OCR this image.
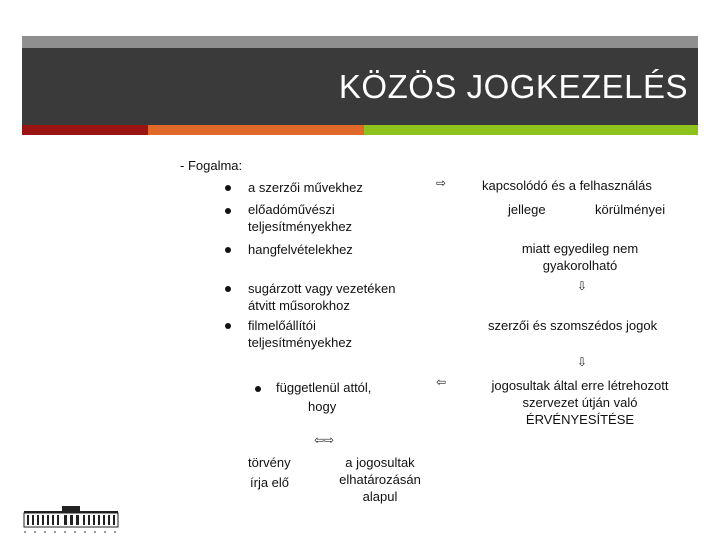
KÖZÖS JOGKEZELÉS
- Fogalma:
a szerzői művekhez
előadóművészi
teljesítményekhez
hangfelvételekhez
sugárzott vagy vezetéken
átvitt műsorokhoz
filmelőállítói
teljesítményekhez
függetlenül attól,
hogy
⇦⇨
törvény
írja elő
a jogosultak
elhatározásán
alapul
⇨
⇦
kapcsolódó és a felhasználás
jellege	körülményei
miatt egyedileg nem
gyakorolható
⇩
szerzői és szomszédos jogok
⇩
jogosultak által erre létrehozott
szervezet útján való
ÉRVÉNYESÍTÉSE
